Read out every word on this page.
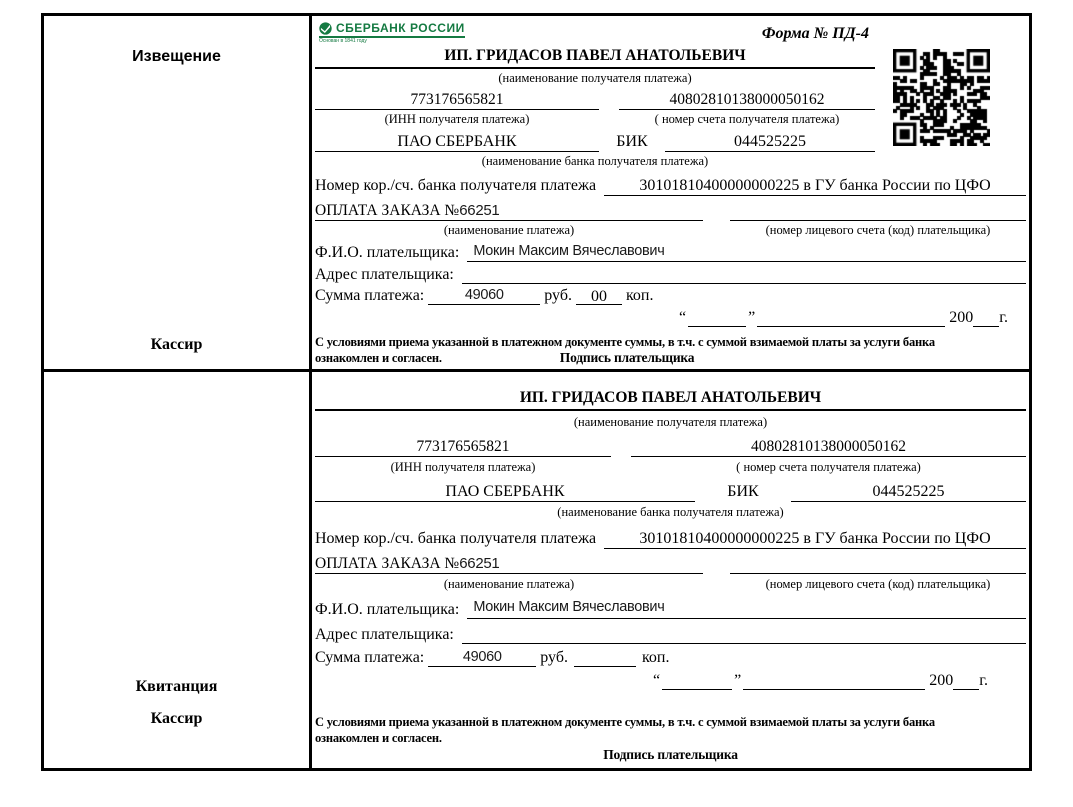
Извещение
Кассир
СБЕРБАНК РОССИИ
Основан в 1841 году	Форма № ПД-4
ИП. ГРИДАСОВ ПАВЕЛ АНАТОЛЬЕВИЧ
(наименование получателя платежа)
773176565821	40802810138000050162
(ИНН получателя платежа)	( номер счета получателя платежа)
ПАО СБЕРБАНК	БИК	044525225
(наименование банка получателя платежа)
Номер кор./сч. банка получателя платежа	30101810400000000225 в ГУ банка России по ЦФО
ОПЛАТА ЗАКАЗА №66251
(наименование платежа)	(номер лицевого счета (код) плательщика)
Ф.И.О. плательщика: Мокин Максим Вячеславович
Адрес плательщика:
Сумма платежа:	49060	руб.	00	коп.
“	”	200 г.
С условиями приема указанной в платежном документе суммы, в т.ч. с суммой взимаемой платы за услуги банка
ознакомлен и согласен.	Подпись плательщика
Квитанция
Кассир
ИП. ГРИДАСОВ ПАВЕЛ АНАТОЛЬЕВИЧ
(наименование получателя платежа)
773176565821	40802810138000050162
(ИНН получателя платежа)	( номер счета получателя платежа)
ПАО СБЕРБАНК	БИК	044525225
(наименование банка получателя платежа)
Номер кор./сч. банка получателя платежа	30101810400000000225 в ГУ банка России по ЦФО
ОПЛАТА ЗАКАЗА №66251
(наименование платежа)	(номер лицевого счета (код) плательщика)
Ф.И.О. плательщика: Мокин Максим Вячеславович
Адрес плательщика:
Сумма платежа:	49060	руб.	коп.
“	”	200 г.
С условиями приема указанной в платежном документе суммы, в т.ч. с суммой взимаемой платы за услуги банка
ознакомлен и согласен.
Подпись плательщика
